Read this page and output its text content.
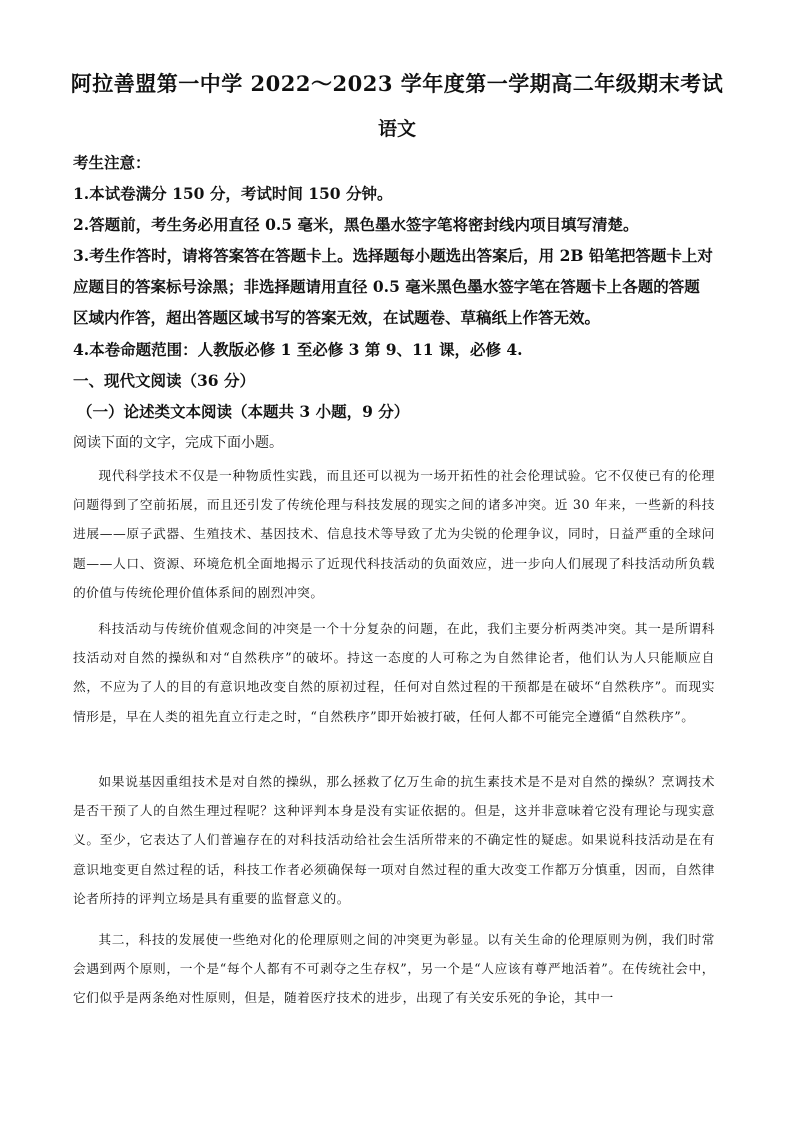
阿拉善盟第一中学 2022～2023 学年度第一学期高二年级期末考试
语文
考生注意：
1.本试卷满分 150 分，考试时间 150 分钟。
2.答题前，考生务必用直径 0.5 毫米，黑色墨水签字笔将密封线内项目填写清楚。
3.考生作答时，请将答案答在答题卡上。选择题每小题选出答案后，用 2B 铅笔把答题卡上对
应题目的答案标号涂黑；非选择题请用直径 0.5 毫米黑色墨水签字笔在答题卡上各题的答题
区域内作答，超出答题区域书写的答案无效，在试题卷、草稿纸上作答无效。
4.本卷命题范围：人教版必修 1 至必修 3 第 9、11 课，必修 4.
一、现代文阅读（36 分）
（一）论述类文本阅读（本题共 3 小题，9 分）
阅读下面的文字，完成下面小题。

现代科学技术不仅是一种物质性实践，而且还可以视为一场开拓性的社会伦理试验。它不仅使已有的伦理问题得到了空前拓展，而且还引发了传统伦理与科技发展的现实之间的诸多冲突。近 30 年来，一些新的科技进展——原子武器、生殖技术、基因技术、信息技术等导致了尤为尖锐的伦理争议，同时，日益严重的全球问题——人口、资源、环境危机全面地揭示了近现代科技活动的负面效应，进一步向人们展现了科技活动所负载的价值与传统伦理价值体系间的剧烈冲突。

科技活动与传统价值观念间的冲突是一个十分复杂的问题，在此，我们主要分析两类冲突。其一是所谓科技活动对自然的操纵和对“自然秩序”的破坏。持这一态度的人可称之为自然律论者，他们认为人只能顺应自然，不应为了人的目的有意识地改变自然的原初过程，任何对自然过程的干预都是在破坏“自然秩序”。而现实情形是，早在人类的祖先直立行走之时，“自然秩序”即开始被打破，任何人都不可能完全遵循“自然秩序”。

如果说基因重组技术是对自然的操纵，那么拯救了亿万生命的抗生素技术是不是对自然的操纵？烹调技术是否干预了人的自然生理过程呢？这种评判本身是没有实证依据的。但是，这并非意味着它没有理论与现实意义。至少，它表达了人们普遍存在的对科技活动给社会生活所带来的不确定性的疑虑。如果说科技活动是在有意识地变更自然过程的话，科技工作者必须确保每一项对自然过程的重大改变工作都万分慎重，因而，自然律论者所持的评判立场是具有重要的监督意义的。

其二，科技的发展使一些绝对化的伦理原则之间的冲突更为彰显。以有关生命的伦理原则为例，我们时常会遇到两个原则，一个是“每个人都有不可剥夺之生存权”，另一个是“人应该有尊严地活着”。在传统社会中，它们似乎是两条绝对性原则，但是，随着医疗技术的进步，出现了有关安乐死的争论，其中一
